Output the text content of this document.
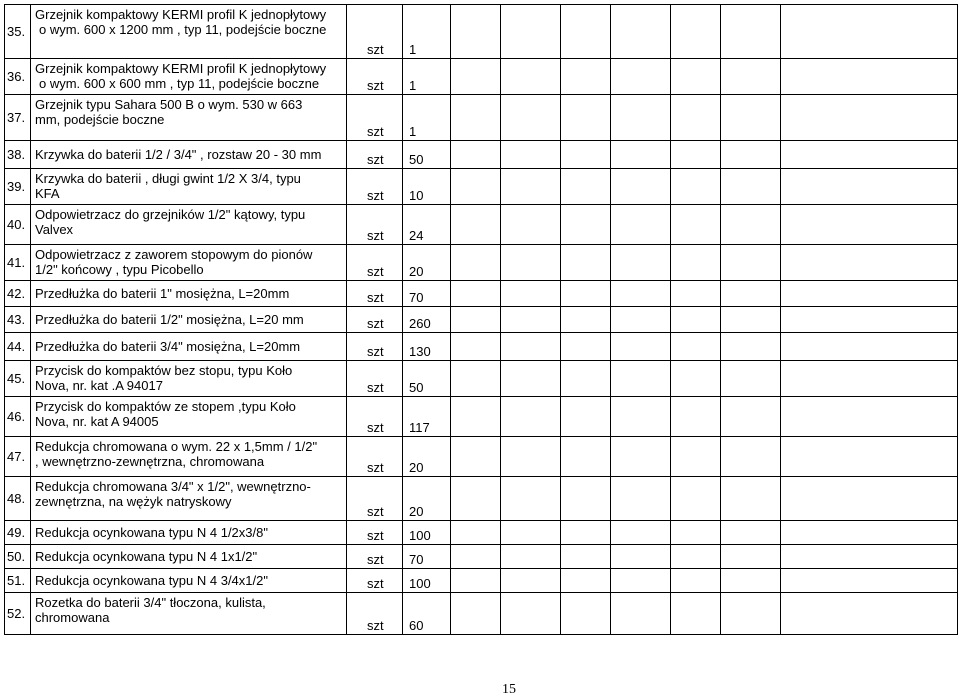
35.	Grzejnik kompaktowy KERMI profil K jednopłytowy
o wym. 600 x 1200 mm , typ 11, podejście boczne	szt	1							

36.	Grzejnik kompaktowy KERMI profil K jednopłytowy
o wym. 600 x 600 mm , typ 11, podejście boczne	szt	1							

37.	Grzejnik typu Sahara 500 B o wym. 530 w 663
mm, podejście boczne	szt	1							

38.	Krzywka do baterii 1/2 / 3/4" , rozstaw 20 - 30 mm	szt	50							

39.	Krzywka do baterii , długi gwint 1/2 X 3/4, typu
KFA	szt	10							

40.	Odpowietrzacz do grzejników 1/2" kątowy, typu
Valvex	szt	24							

41.	Odpowietrzacz z zaworem stopowym do pionów
1/2" końcowy , typu Picobello	szt	20							

42.	Przedłużka do baterii 1" mosiężna, L=20mm	szt	70							

43.	Przedłużka do baterii 1/2" mosiężna, L=20 mm	szt	260							

44.	Przedłużka do baterii 3/4" mosiężna, L=20mm	szt	130							

45.	Przycisk do kompaktów bez stopu, typu Koło
Nova, nr. kat .A 94017	szt	50							

46.	Przycisk do kompaktów ze stopem ,typu Koło
Nova, nr. kat A 94005	szt	117							

47.	Redukcja chromowana o wym. 22 x 1,5mm / 1/2"
, wewnętrzno-zewnętrzna, chromowana	szt	20							

48.	Redukcja chromowana 3/4" x 1/2", wewnętrzno-
zewnętrzna, na wężyk natryskowy	szt	20							

49.	Redukcja ocynkowana typu N 4 1/2x3/8"	szt	100							

50.	Redukcja ocynkowana typu N 4 1x1/2"	szt	70							

51.	Redukcja ocynkowana typu N 4 3/4x1/2"	szt	100							

52.	Rozetka do baterii 3/4" tłoczona, kulista,
chromowana	szt	60							

15
